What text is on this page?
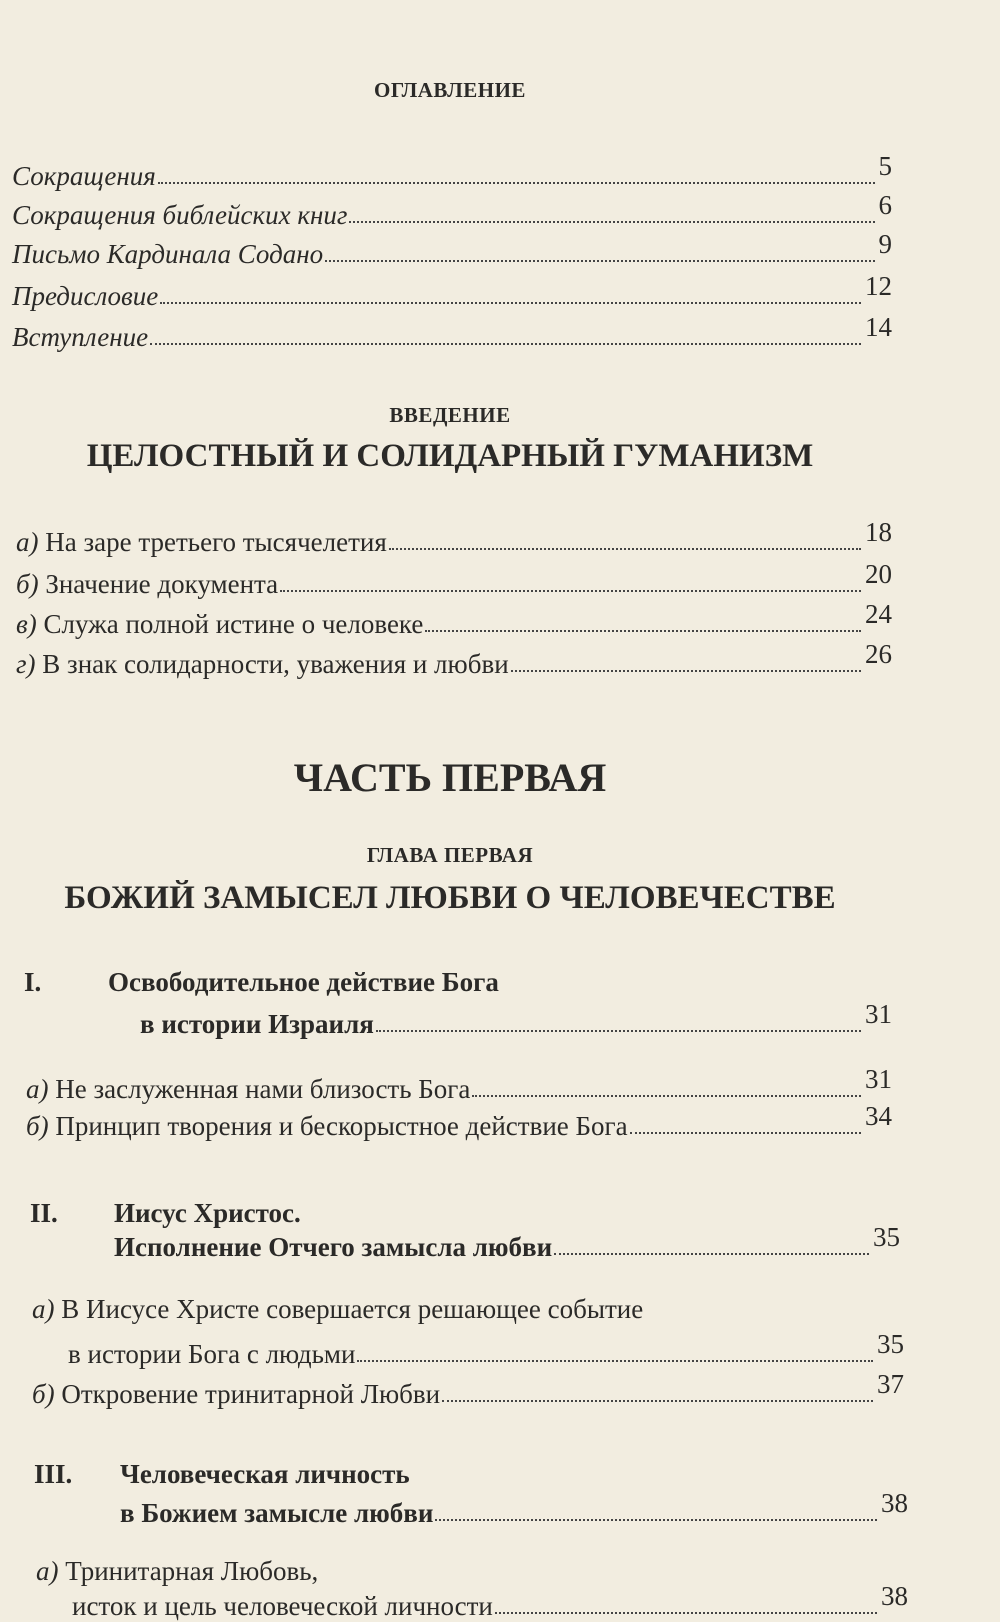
ОГЛАВЛЕНИЕ
Сокращения	5
Сокращения библейских книг	6
Письмо Кардинала Содано	9
Предисловие	12
Вступление	14
ВВЕДЕНИЕ
ЦЕЛОСТНЫЙ И СОЛИДАРНЫЙ ГУМАНИЗМ
а) На заре третьего тысячелетия	18
б) Значение документа	20
в) Служа полной истине о человеке	24
г) В знак солидарности, уважения и любви	26
ЧАСТЬ ПЕРВАЯ
ГЛАВА ПЕРВАЯ
БОЖИЙ ЗАМЫСЕЛ ЛЮБВИ О ЧЕЛОВЕЧЕСТВЕ
I. Освободительное действие Бога
в истории Израиля	31
а) Не заслуженная нами близость Бога	31
б) Принцип творения и бескорыстное действие Бога	34
II. Иисус Христос.
Исполнение Отчего замысла любви	35
а) В Иисусе Христе совершается решающее событие
в истории Бога с людьми	35
б) Откровение тринитарной Любви	37
III. Человеческая личность
в Божием замысле любви	38
а) Тринитарная Любовь,
исток и цель человеческой личности	38
